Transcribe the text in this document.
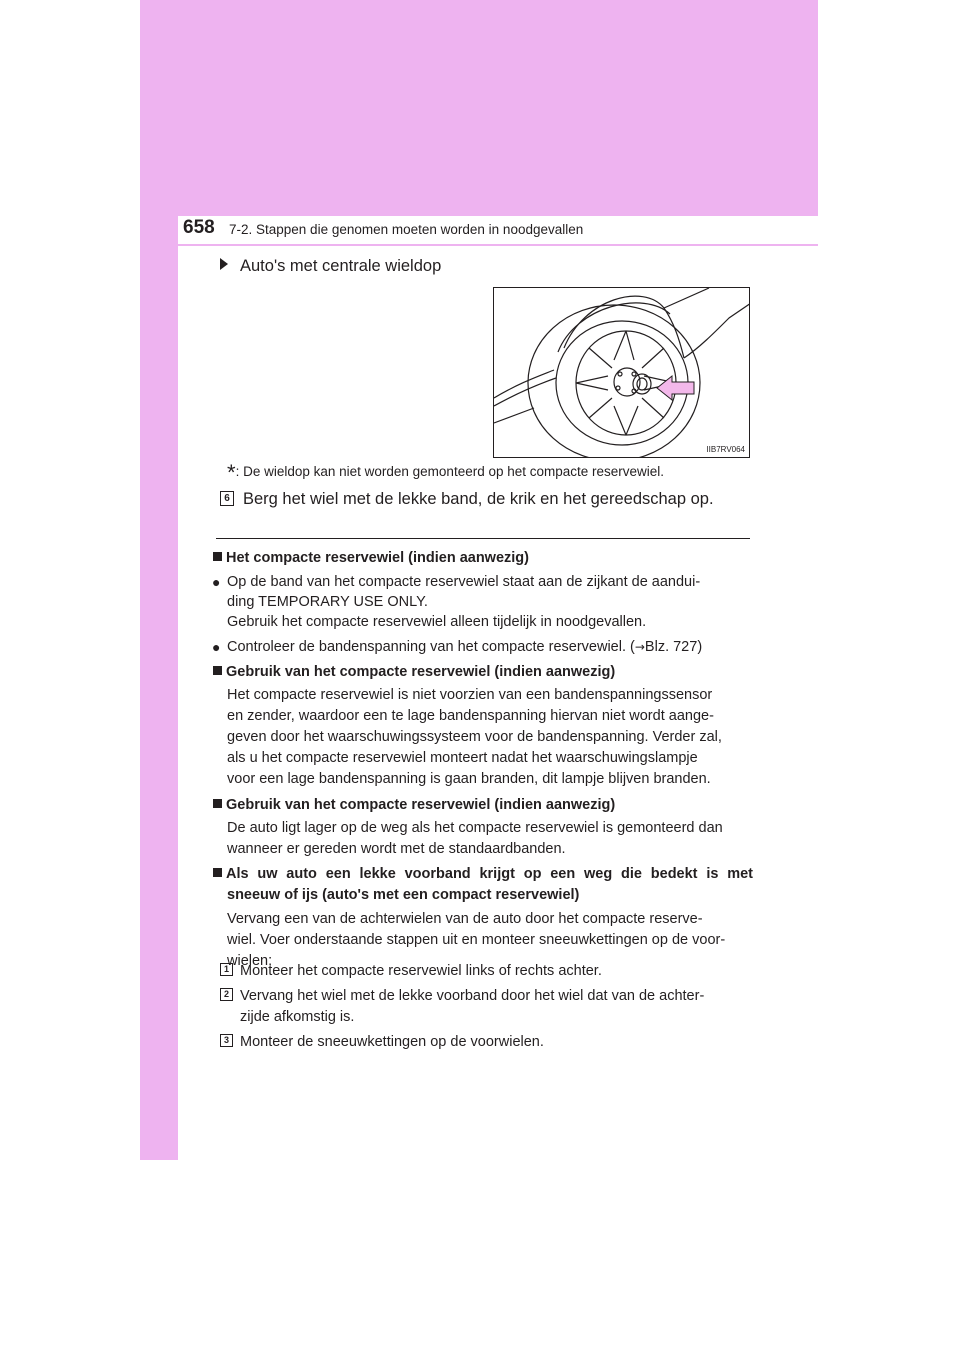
658 7-2. Stappen die genomen moeten worden in noodgevallen
Auto's met centrale wieldop
IIB7RV064
*: De wieldop kan niet worden gemonteerd op het compacte reservewiel.
6 Berg het wiel met de lekke band, de krik en het gereedschap op.
Het compacte reservewiel (indien aanwezig)
● Op de band van het compacte reservewiel staat aan de zijkant de aandui-
ding TEMPORARY USE ONLY.
Gebruik het compacte reservewiel alleen tijdelijk in noodgevallen.
● Controleer de bandenspanning van het compacte reservewiel. (→Blz. 727)
Gebruik van het compacte reservewiel (indien aanwezig)
Het compacte reservewiel is niet voorzien van een bandenspanningssensor
en zender, waardoor een te lage bandenspanning hiervan niet wordt aange-
geven door het waarschuwingssysteem voor de bandenspanning. Verder zal,
als u het compacte reservewiel monteert nadat het waarschuwingslampje
voor een lage bandenspanning is gaan branden, dit lampje blijven branden.
Gebruik van het compacte reservewiel (indien aanwezig)
De auto ligt lager op de weg als het compacte reservewiel is gemonteerd dan
wanneer er gereden wordt met de standaardbanden.
Als uw auto een lekke voorband krijgt op een weg die bedekt is met
sneeuw of ijs (auto's met een compact reservewiel)
Vervang een van de achterwielen van de auto door het compacte reserve-
wiel. Voer onderstaande stappen uit en monteer sneeuwkettingen op de voor-
wielen:
1 Monteer het compacte reservewiel links of rechts achter.
2 Vervang het wiel met de lekke voorband door het wiel dat van de achter-
zijde afkomstig is.
3 Monteer de sneeuwkettingen op de voorwielen.
